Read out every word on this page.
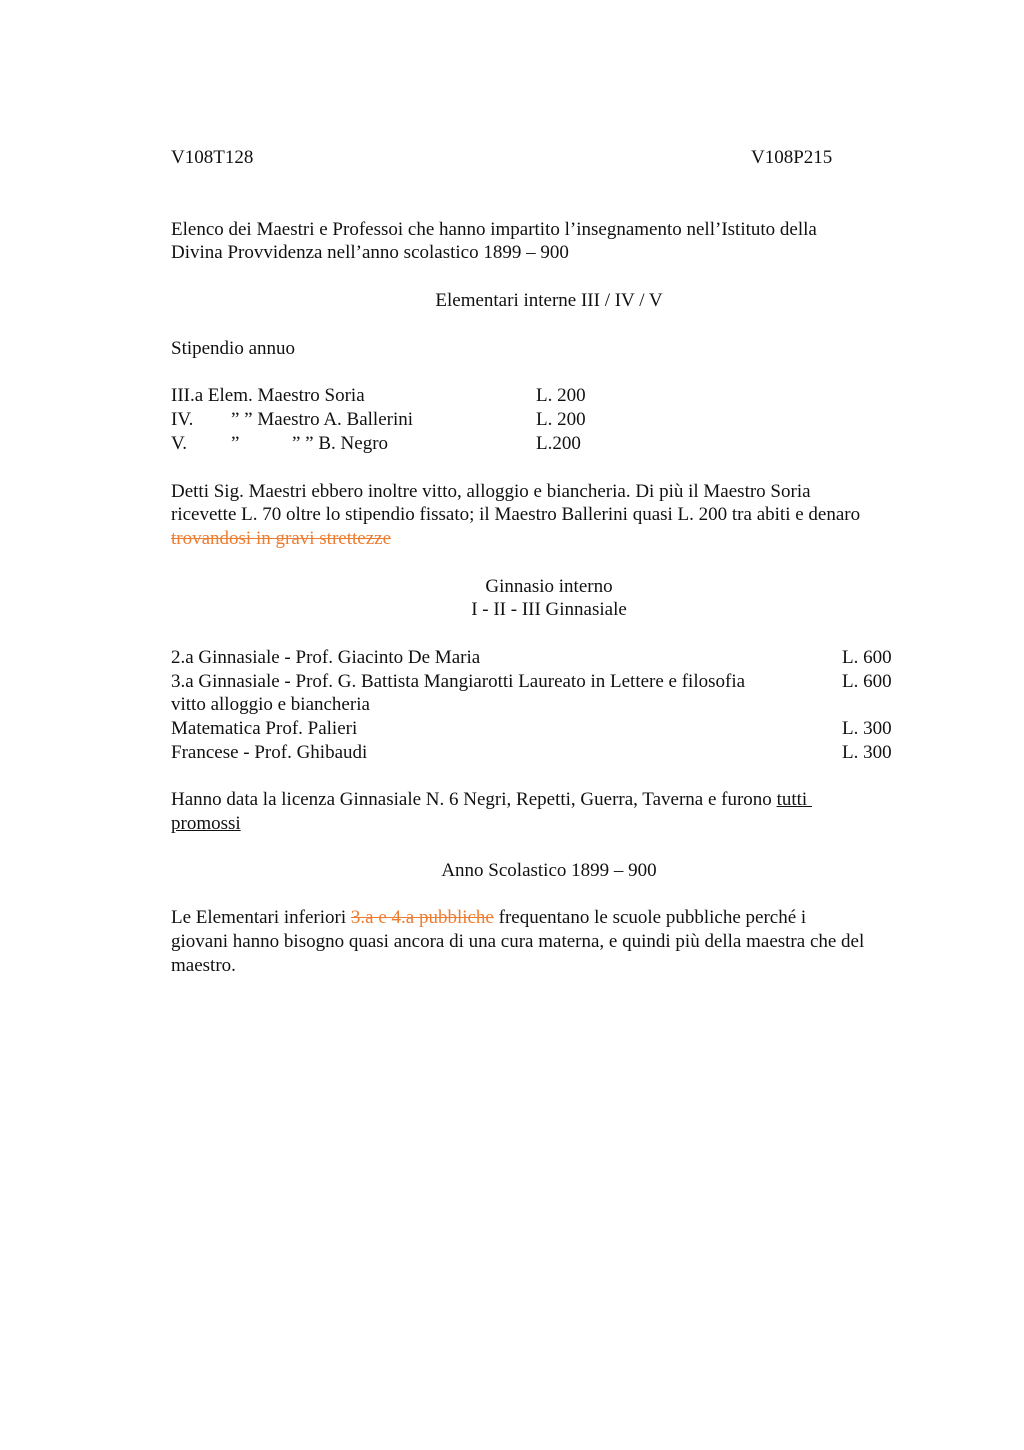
V108T128	V108P215
Elenco dei Maestri e Professoi che hanno impartito l’insegnamento nell’Istituto della
Divina Provvidenza nell’anno scolastico 1899 – 900
Elementari interne III / IV / V
Stipendio annuo
III.a Elem. Maestro Soria	L. 200
IV. ” ” Maestro A. Ballerini	L. 200
V. ”	” ” B. Negro	L.200
Detti Sig. Maestri ebbero inoltre vitto, alloggio e biancheria. Di più il Maestro Soria
ricevette L. 70 oltre lo stipendio fissato; il Maestro Ballerini quasi L. 200 tra abiti e denaro
trovandosi in gravi strettezze
Ginnasio interno
I - II - III Ginnasiale
2.a Ginnasiale - Prof. Giacinto De Maria	L. 600
3.a Ginnasiale - Prof. G. Battista Mangiarotti Laureato in Lettere e filosofia	L. 600
vitto alloggio e biancheria
Matematica Prof. Palieri	L. 300
Francese - Prof. Ghibaudi	L. 300
Hanno data la licenza Ginnasiale N. 6 Negri, Repetti, Guerra, Taverna e furono tutti
promossi
Anno Scolastico 1899 – 900
Le Elementari inferiori 3.a e 4.a pubbliche frequentano le scuole pubbliche perché i
giovani hanno bisogno quasi ancora di una cura materna, e quindi più della maestra che del
maestro.
